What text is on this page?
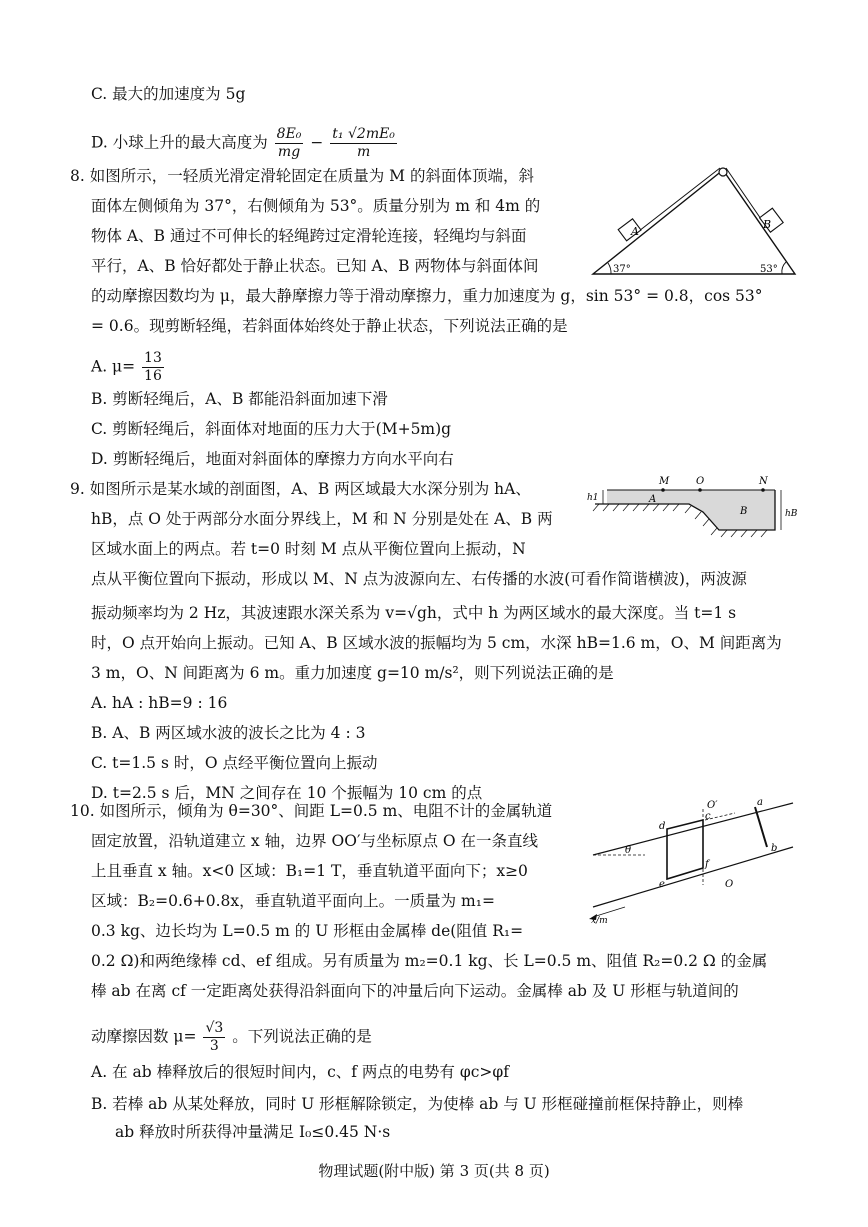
C. 最大的加速度为 5g
D. 小球上升的最大高度为 $\frac{\text{8E₀}}{mg} - \frac{\text{t₁ √2mE₀}}{m}$
8. 如图所示，一轻质光滑定滑轮固定在质量为 M 的斜面体顶端，斜
面体左侧倾角为 37°，右侧倾角为 53°。质量分别为 m 和 4m 的
物体 A、B 通过不可伸长的轻绳跨过定滑轮连接，轻绳均与斜面
平行，A、B 恰好都处于静止状态。已知 A、B 两物体与斜面体间
的动摩擦因数均为 μ，最大静摩擦力等于滑动摩擦力，重力加速度为 g，sin 53° = 0.8，cos 53°
= 0.6。现剪断轻绳，若斜面体始终处于静止状态，下列说法正确的是
A. $\mu= \frac{13}{16}$
B. 剪断轻绳后，A、B 都能沿斜面加速下滑
C. 剪断轻绳后，斜面体对地面的压力大于(M+5m)g
D. 剪断轻绳后，地面对斜面体的摩擦力方向水平向右
A
B
37°	53°
9. 如图所示是某水域的剖面图，A、B 两区域最大水深分别为 hA、
hB，点 O 处于两部分水面分界线上，M 和 N 分别是处在 A、B 两
区域水面上的两点。若 t=0 时刻 M 点从平衡位置向上振动，N
点从平衡位置向下振动，形成以 M、N 点为波源向左、右传播的水波(可看作简谐横波)，两波源
振动频率均为 2 Hz，其波速跟水深关系为 v=√gh，式中 h 为两区域水的最大深度。当 t=1 s
时，O 点开始向上振动。已知 A、B 区域水波的振幅均为 5 cm，水深 hB=1.6 m，O、M 间距离为
3 m，O、N 间距离为 6 m。重力加速度 g=10 m/s²，则下列说法正确的是
A. hA : hB=9 : 16
B. A、B 两区域水波的波长之比为 4 : 3
C. t=1.5 s 时，O 点经平衡位置向上振动
D. t=2.5 s 后，MN 之间存在 10 个振幅为 10 cm 的点
M	O	N
A
B
h1
hB
10. 如图所示，倾角为 θ=30°、间距 L=0.5 m、电阻不计的金属轨道
固定放置，沿轨道建立 x 轴，边界 OO′与坐标原点 O 在一条直线
上且垂直 x 轴。x<0 区域：B₁=1 T，垂直轨道平面向下；x≥0
区域：B₂=0.6+0.8x，垂直轨道平面向上。一质量为 m₁=
0.3 kg、边长均为 L=0.5 m 的 U 形框由金属棒 de(阻值 R₁=
0.2 Ω)和两绝缘棒 cd、ef 组成。另有质量为 m₂=0.1 kg、长 L=0.5 m、阻值 R₂=0.2 Ω 的金属
棒 ab 在离 cf 一定距离处获得沿斜面向下的冲量后向下运动。金属棒 ab 及 U 形框与轨道间的
动摩擦因数 $\mu= \frac{√3}{3}$ 。下列说法正确的是
A. 在 ab 棒释放后的很短时间内，c、f 两点的电势有 φc>φf
B. 若棒 ab 从某处释放，同时 U 形框解除锁定，为使棒 ab 与 U 形框碰撞前框保持静止，则棒
ab 释放时所获得冲量满足 I₀≤0.45 N·s
θ
O′	a
b
c
d
e
f
O
x/m
物理试题(附中版) 第 3 页(共 8 页)
